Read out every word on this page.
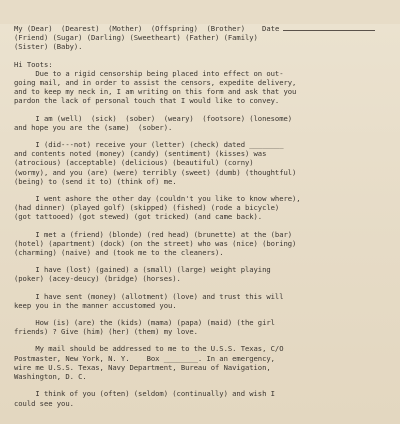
Date
My (Dear)  (Dearest)  (Mother)  (Offspring)  (Brother)
(Friend) (Sugar) (Darling) (Sweetheart) (Father) (Family)
(Sister) (Baby).
Hi Toots:
Due to a rigid censorship being placed into effect on out-
going mail, and in order to assist the censors, expedite delivery,
and to keep my neck in, I am writing on this form and ask that you
pardon the lack of personal touch that I would like to convey.
I am (well)  (sick)  (sober)  (weary)  (footsore) (lonesome)
and hope you are the (same)  (sober).
I (did---not) receive your (letter) (check) dated ________
and contents noted (money) (candy) (sentiment) (kisses) was
(atrocious) (acceptable) (delicious) (beautiful) (corny)
(wormy), and you (are) (were) terribly (sweet) (dumb) (thoughtful)
(being) to (send it to) (think of) me.
I went ashore the other day (couldn't you like to know where),
(had dinner) (played golf) (skipped) (fished) (rode a bicycle)
(got tattooed) (got stewed) (got tricked) (and came back).
I met a (friend) (blonde) (red head) (brunette) at the (bar)
(hotel) (apartment) (dock) (on the street) who was (nice) (boring)
(charming) (naive) and (took me to the cleaners).
I have (lost) (gained) a (small) (large) weight playing
(poker) (acey-deucy) (bridge) (horses).
I have sent (money) (allotment) (love) and trust this will
keep you in the manner accustomed you.
How (is) (are) the (kids) (mama) (papa) (maid) (the girl
friends) ? Give (him) (her) (them) my love.
My mail should be addressed to me to the U.S.S. Texas, C/O
Postmaster, New York, N. Y.    Box ________. In an emergency,
wire me U.S.S. Texas, Navy Department, Bureau of Navigation,
Washington, D. C.
I think of you (often) (seldom) (continually) and wish I
could see you.
